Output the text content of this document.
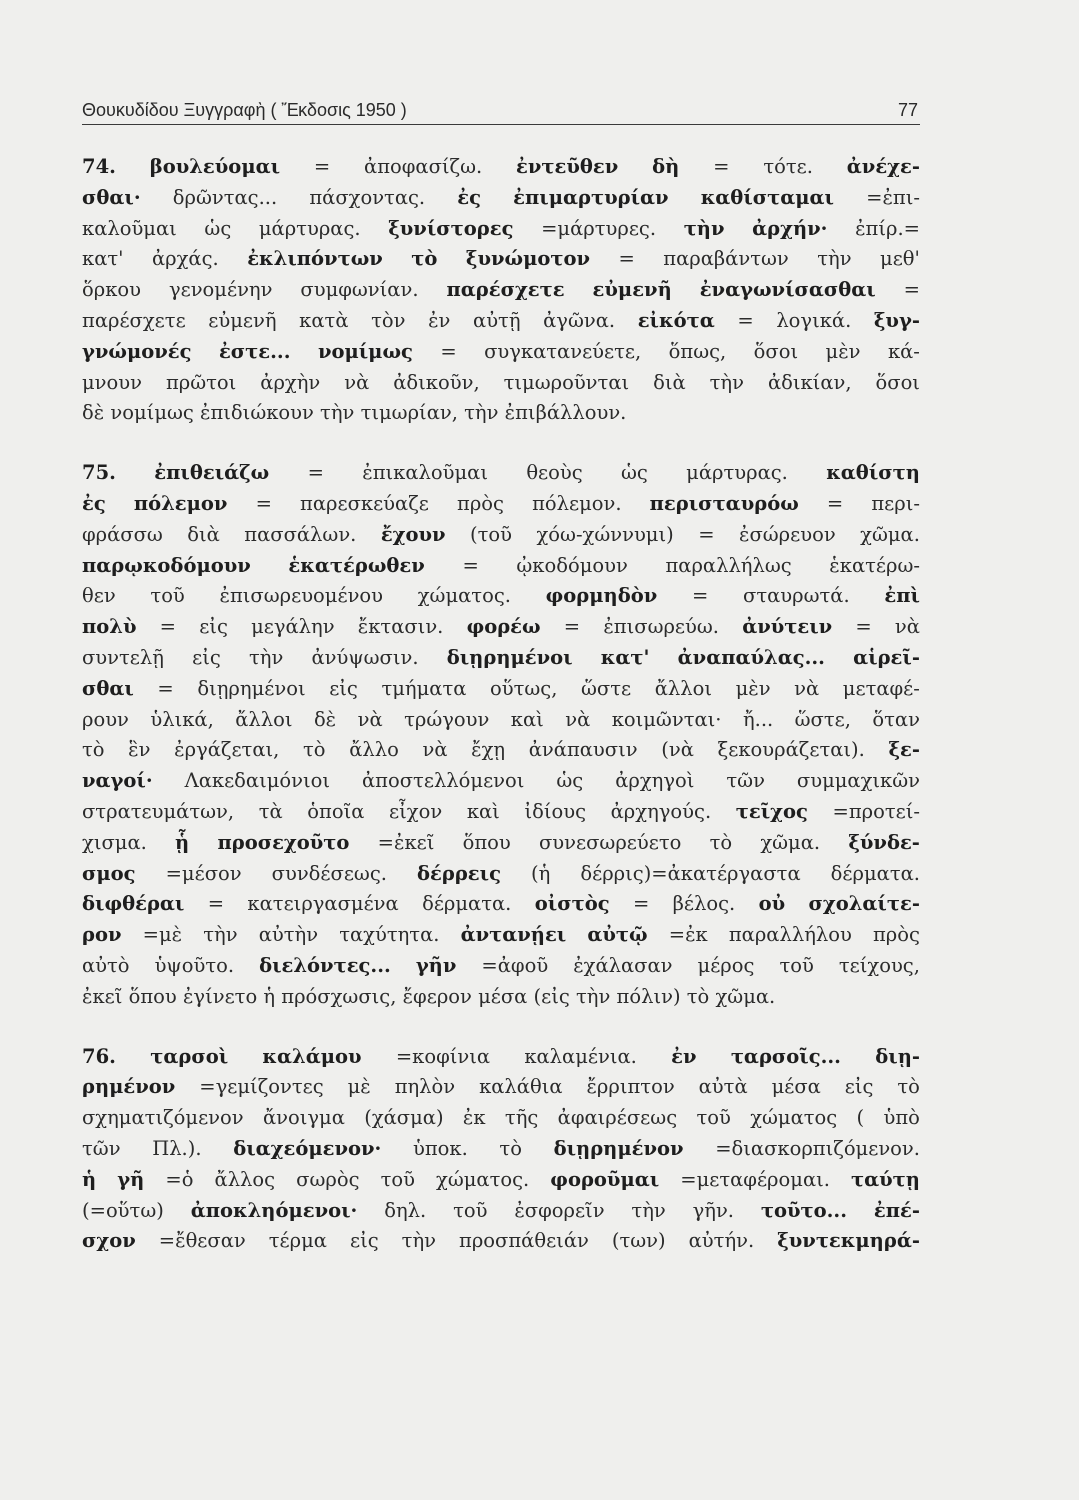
Θουκυδίδου Ξυγγραφὴ ( Ἔκδοσις 1950 )	77
74. βουλεύομαι = ἀποφασίζω. ἐντεῦθεν δὴ = τότε. ἀνέχε-
σθαι· δρῶντας... πάσχοντας. ἐς ἐπιμαρτυρίαν καθίσταμαι =ἐπι-
καλοῦμαι ὡς μάρτυρας. ξυνίστορες =μάρτυρες. τὴν ἀρχήν· ἐπίρ.=
κατ' ἀρχάς. ἐκλιπόντων τὸ ξυνώμοτον = παραβάντων τὴν μεθ'
ὅρκου γενομένην συμφωνίαν. παρέσχετε εὐμενῆ ἐναγωνίσασθαι =
παρέσχετε εὐμενῆ κατὰ τὸν ἐν αὐτῇ ἀγῶνα. εἰκότα = λογικά. ξυγ-
γνώμονές ἐστε... νομίμως = συγκατανεύετε, ὅπως, ὅσοι μὲν κά-
μνουν πρῶτοι ἀρχὴν νὰ ἀδικοῦν, τιμωροῦνται διὰ τὴν ἀδικίαν, ὅσοι
δὲ νομίμως ἐπιδιώκουν τὴν τιμωρίαν, τὴν ἐπιβάλλουν.
75. ἐπιθειάζω = ἐπικαλοῦμαι θεοὺς ὡς μάρτυρας. καθίστη
ἐς πόλεμον = παρεσκεύαζε πρὸς πόλεμον. περισταυρόω = περι-
φράσσω διὰ πασσάλων. ἔχουν (τοῦ χόω-χώννυμι) = ἐσώρευον χῶμα.
παρῳκοδόμουν ἑκατέρωθεν = ᾠκοδόμουν παραλλήλως ἑκατέρω-
θεν τοῦ ἐπισωρευομένου χώματος. φορμηδὸν = σταυρωτά. ἐπὶ
πολὺ = εἰς μεγάλην ἔκτασιν. φορέω = ἐπισωρεύω. ἀνύτειν = νὰ
συντελῇ εἰς τὴν ἀνύψωσιν. διῃρημένοι κατ' ἀναπαύλας... αἱρεῖ-
σθαι = διῃρημένοι εἰς τμήματα οὕτως, ὥστε ἄλλοι μὲν νὰ μεταφέ-
ρουν ὑλικά, ἄλλοι δὲ νὰ τρώγουν καὶ νὰ κοιμῶνται· ἤ... ὥστε, ὅταν
τὸ ἓν ἐργάζεται, τὸ ἄλλο νὰ ἔχῃ ἀνάπαυσιν (νὰ ξεκουράζεται). ξε-
ναγοί· Λακεδαιμόνιοι ἀποστελλόμενοι ὡς ἀρχηγοὶ τῶν συμμαχικῶν
στρατευμάτων, τὰ ὁποῖα εἶχον καὶ ἰδίους ἀρχηγούς. τεῖχος =προτεί-
χισμα. ᾗ προσεχοῦτο =ἐκεῖ ὅπου συνεσωρεύετο τὸ χῶμα. ξύνδε-
σμος =μέσον συνδέσεως. δέρρεις (ἡ δέρρις)=ἀκατέργαστα δέρματα.
διφθέραι = κατειργασμένα δέρματα. οἰστὸς = βέλος. οὐ σχολαίτε-
ρον =μὲ τὴν αὐτὴν ταχύτητα. ἀντανῄει αὐτῷ =ἐκ παραλλήλου πρὸς
αὐτὸ ὑψοῦτο. διελόντες... γῆν =ἀφοῦ ἐχάλασαν μέρος τοῦ τείχους,
ἐκεῖ ὅπου ἐγίνετο ἡ πρόσχωσις, ἔφερον μέσα (εἰς τὴν πόλιν) τὸ χῶμα.
76. ταρσοὶ καλάμου =κοφίνια καλαμένια. ἐν ταρσοῖς... διῃ-
ρημένον =γεμίζοντες μὲ πηλὸν καλάθια ἔρριπτον αὐτὰ μέσα εἰς τὸ
σχηματιζόμενον ἄνοιγμα (χάσμα) ἐκ τῆς ἀφαιρέσεως τοῦ χώματος ( ὑπὸ
τῶν Πλ.). διαχεόμενον· ὑποκ. τὸ διῃρημένον =διασκορπιζόμενον.
ἡ γῆ =ὁ ἄλλος σωρὸς τοῦ χώματος. φοροῦμαι =μεταφέρομαι. ταύτῃ
(=οὕτω) ἀποκληόμενοι· δηλ. τοῦ ἐσφορεῖν τὴν γῆν. τοῦτο... ἐπέ-
σχον =ἔθεσαν τέρμα εἰς τὴν προσπάθειάν (των) αὐτήν. ξυντεκμηρά-
